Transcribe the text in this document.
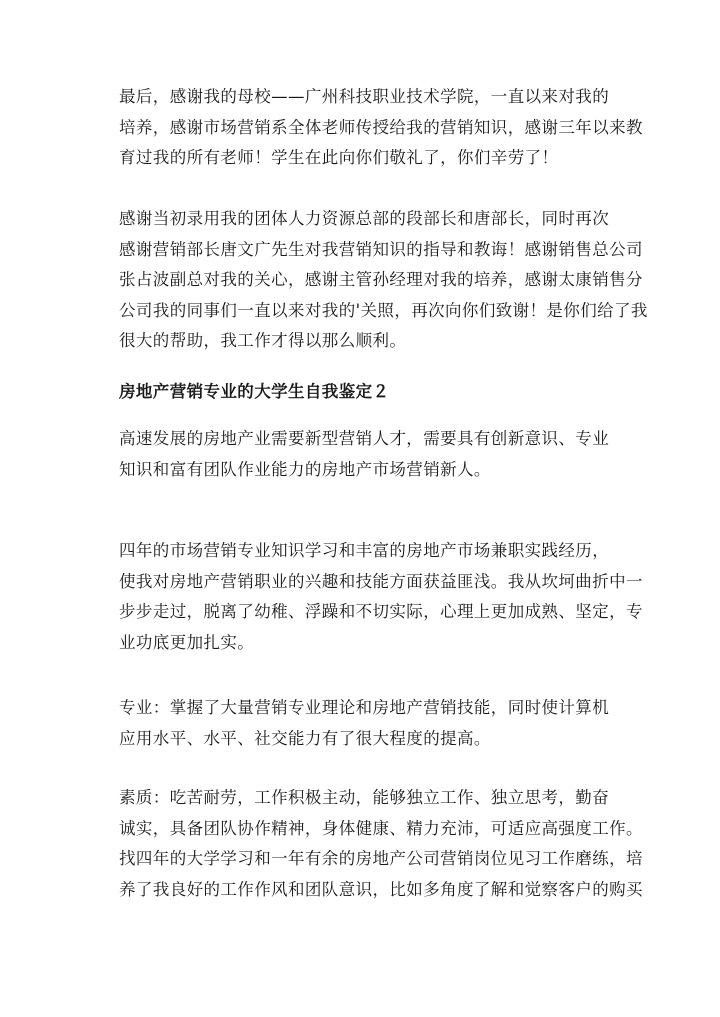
最后，感谢我的母校——广州科技职业技术学院，一直以来对我的
培养，感谢市场营销系全体老师传授给我的营销知识，感谢三年以来教
育过我的所有老师！学生在此向你们敬礼了，你们辛劳了！
感谢当初录用我的团体人力资源总部的段部长和唐部长，同时再次
感谢营销部长唐文广先生对我营销知识的指导和教诲！感谢销售总公司
张占波副总对我的关心，感谢主管孙经理对我的培养，感谢太康销售分
公司我的同事们一直以来对我的'关照，再次向你们致谢！是你们给了我
很大的帮助，我工作才得以那么顺利。
房地产营销专业的大学生自我鉴定２
高速发展的房地产业需要新型营销人才，需要具有创新意识、专业
知识和富有团队作业能力的房地产市场营销新人。
四年的市场营销专业知识学习和丰富的房地产市场兼职实践经历，
使我对房地产营销职业的兴趣和技能方面获益匪浅。我从坎坷曲折中一
步步走过，脱离了幼稚、浮躁和不切实际，心理上更加成熟、坚定，专
业功底更加扎实。
专业：掌握了大量营销专业理论和房地产营销技能，同时使计算机
应用水平、水平、社交能力有了很大程度的提高。
素质：吃苦耐劳，工作积极主动，能够独立工作、独立思考，勤奋
诚实，具备团队协作精神，身体健康、精力充沛，可适应高强度工作。
找四年的大学学习和一年有余的房地产公司营销岗位见习工作磨练，培
养了我良好的工作作风和团队意识，比如多角度了解和觉察客户的购买
